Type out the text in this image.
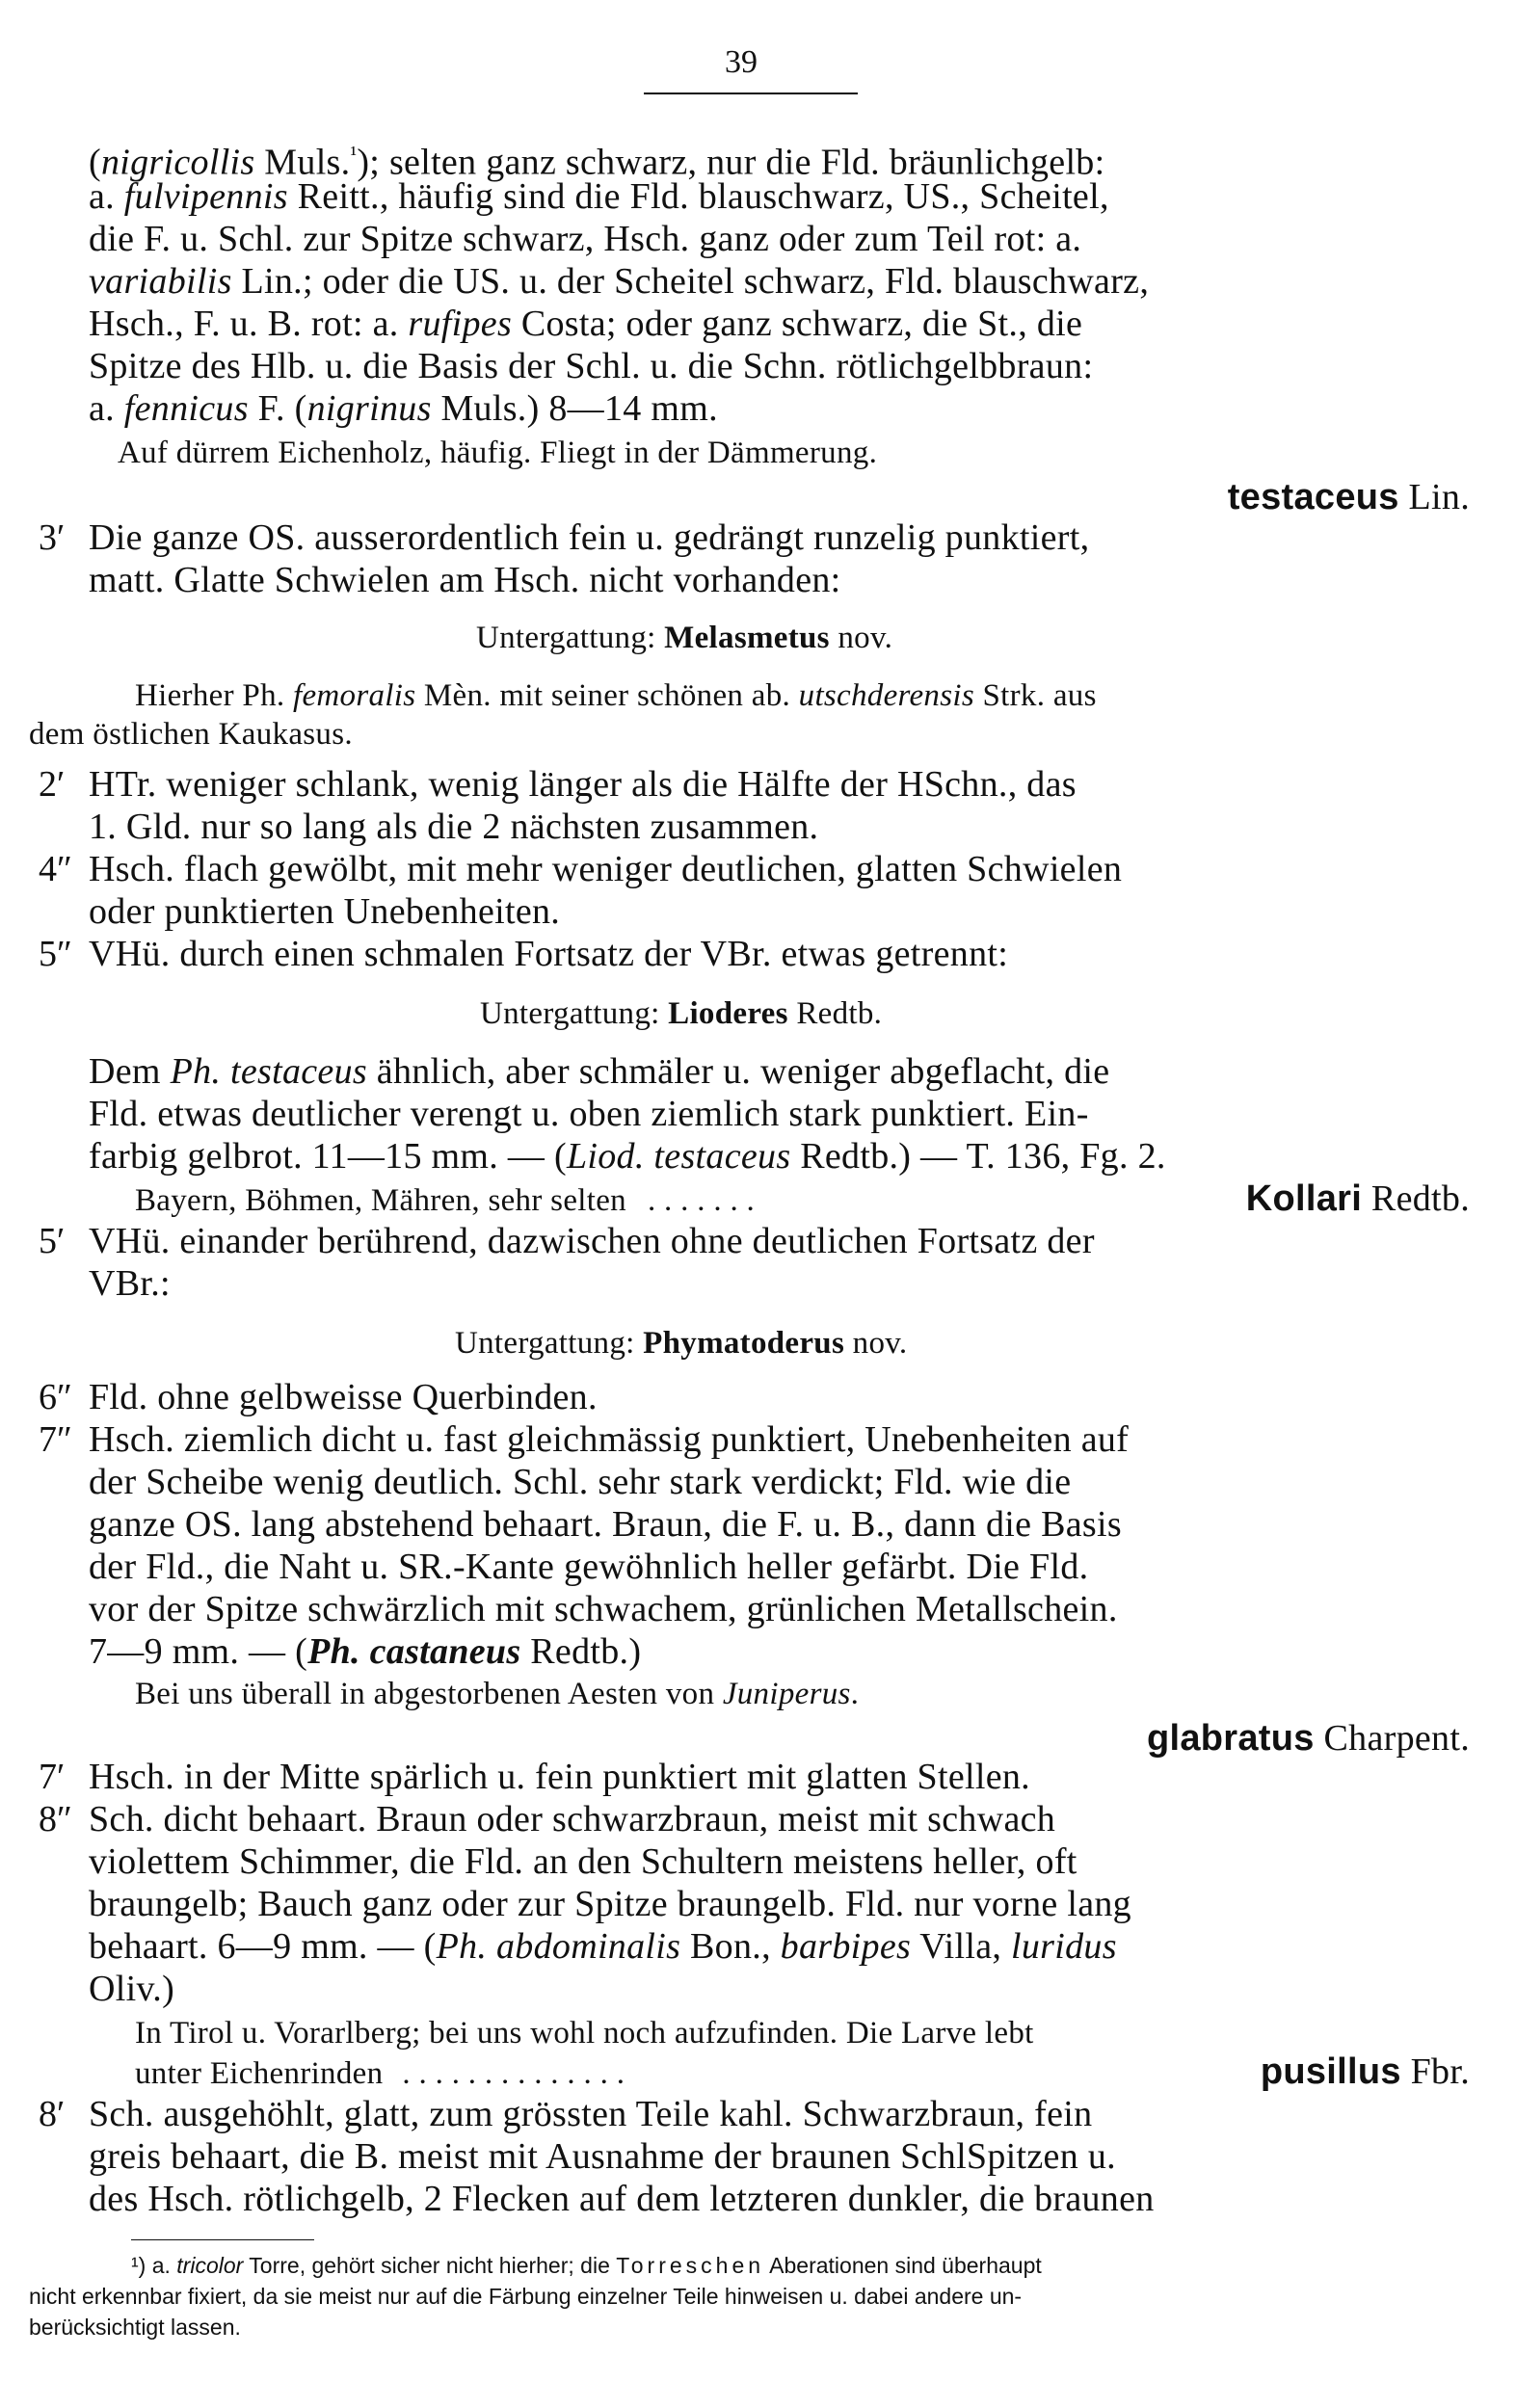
39
(nigricollis Muls.$^{^1}$); selten ganz schwarz, nur die Fld. bräunlichgelb:
a. fulvipennis Reitt., häufig sind die Fld. blauschwarz, US., Scheitel,
die F. u. Schl. zur Spitze schwarz, Hsch. ganz oder zum Teil rot: a.
variabilis Lin.; oder die US. u. der Scheitel schwarz, Fld. blauschwarz,
Hsch., F. u. B. rot: a. rufipes Costa; oder ganz schwarz, die St., die
Spitze des Hlb. u. die Basis der Schl. u. die Schn. rötlichgelbbraun:
a. fennicus F. (nigrinus Muls.) 8—14 mm.
Auf dürrem Eichenholz, häufig. Fliegt in der Dämmerung.
testaceus Lin.
3′ Die ganze OS. ausserordentlich fein u. gedrängt runzelig punktiert,
matt. Glatte Schwielen am Hsch. nicht vorhanden:
Untergattung: Melasmetus nov.
Hierher Ph. femoralis Mèn. mit seiner schönen ab. utschderensis Strk. aus
dem östlichen Kaukasus.
2′ HTr. weniger schlank, wenig länger als die Hälfte der HSchn., das
1. Gld. nur so lang als die 2 nächsten zusammen.
4″ Hsch. flach gewölbt, mit mehr weniger deutlichen, glatten Schwielen
oder punktierten Unebenheiten.
5″ VHü. durch einen schmalen Fortsatz der VBr. etwas getrennt:
Untergattung: Lioderes Redtb.
Dem Ph. testaceus ähnlich, aber schmäler u. weniger abgeflacht, die
Fld. etwas deutlicher verengt u. oben ziemlich stark punktiert. Ein-
farbig gelbrot. 11—15 mm. — (Liod. testaceus Redtb.) — T. 136, Fg. 2.
Bayern, Böhmen, Mähren, sehr selten . . . . . . .	Kollari Redtb.
5′ VHü. einander berührend, dazwischen ohne deutlichen Fortsatz der
VBr.:
Untergattung: Phymatoderus nov.
6″ Fld. ohne gelbweisse Querbinden.
7″ Hsch. ziemlich dicht u. fast gleichmässig punktiert, Unebenheiten auf
der Scheibe wenig deutlich. Schl. sehr stark verdickt; Fld. wie die
ganze OS. lang abstehend behaart. Braun, die F. u. B., dann die Basis
der Fld., die Naht u. SR.-Kante gewöhnlich heller gefärbt. Die Fld.
vor der Spitze schwärzlich mit schwachem, grünlichen Metallschein.
7—9 mm. — (Ph. castaneus Redtb.)
Bei uns überall in abgestorbenen Aesten von Juniperus.
glabratus Charpent.
7′ Hsch. in der Mitte spärlich u. fein punktiert mit glatten Stellen.
8″ Sch. dicht behaart. Braun oder schwarzbraun, meist mit schwach
violettem Schimmer, die Fld. an den Schultern meistens heller, oft
braungelb; Bauch ganz oder zur Spitze braungelb. Fld. nur vorne lang
behaart. 6—9 mm. — (Ph. abdominalis Bon., barbipes Villa, luridus
Oliv.)
In Tirol u. Vorarlberg; bei uns wohl noch aufzufinden. Die Larve lebt
unter Eichenrinden . . . . . . . . . . . . . .	pusillus Fbr.
8′ Sch. ausgehöhlt, glatt, zum grössten Teile kahl. Schwarzbraun, fein
greis behaart, die B. meist mit Ausnahme der braunen SchlSpitzen u.
des Hsch. rötlichgelb, 2 Flecken auf dem letzteren dunkler, die braunen
¹) a. tricolor Torre, gehört sicher nicht hierher; die Torreschen Aberationen sind überhaupt
nicht erkennbar fixiert, da sie meist nur auf die Färbung einzelner Teile hinweisen u. dabei andere un-
berücksichtigt lassen.
